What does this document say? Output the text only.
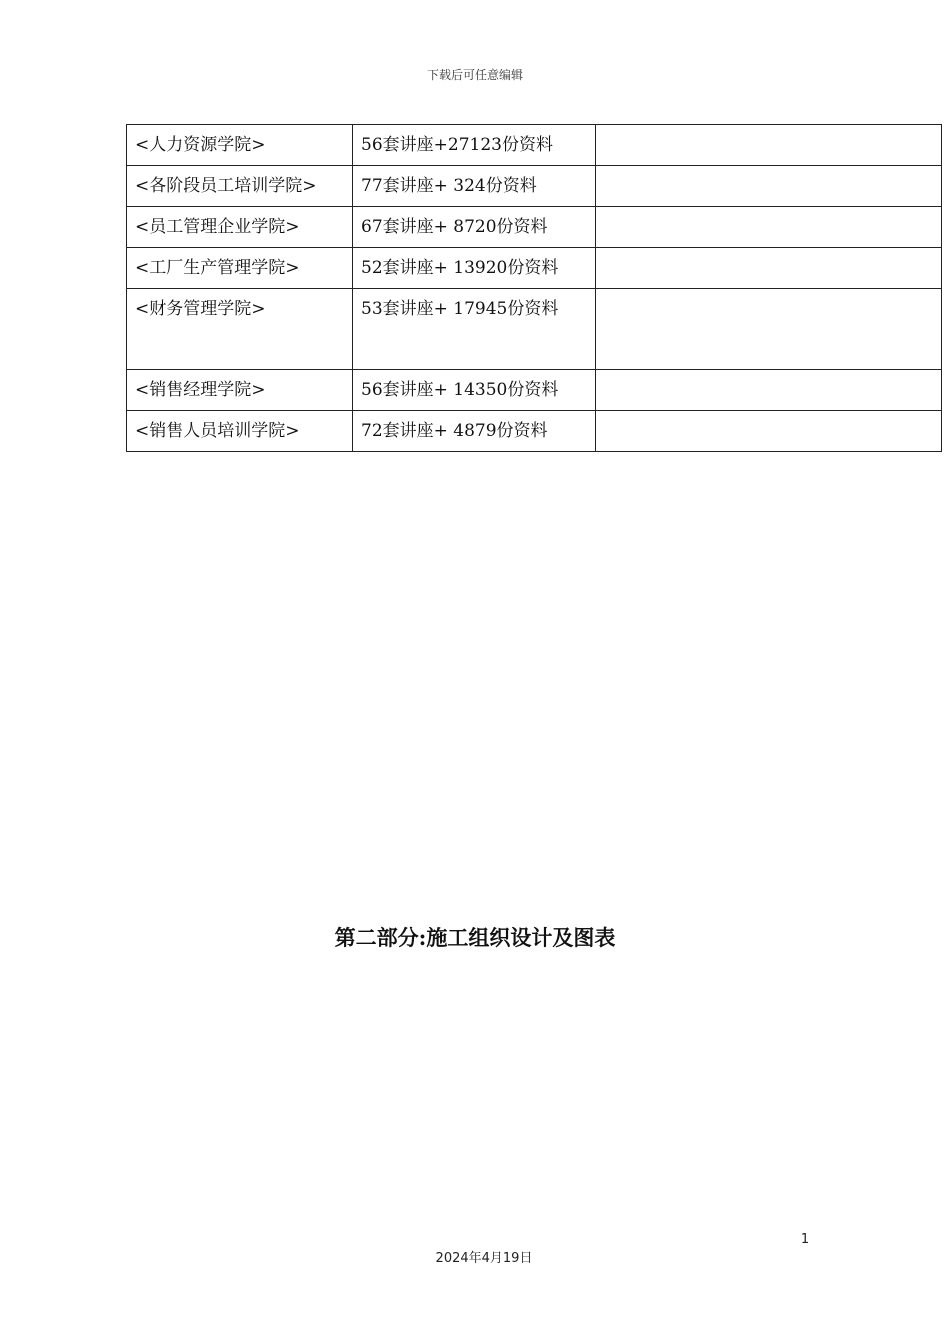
下载后可任意编辑
<人力资源学院>	56套讲座+27123份资料	
<各阶段员工培训学院>	77套讲座+ 324份资料	
<员工管理企业学院>	67套讲座+ 8720份资料	
<工厂生产管理学院>	52套讲座+ 13920份资料	
<财务管理学院>	53套讲座+ 17945份资料	
<销售经理学院>	56套讲座+ 14350份资料	
<销售人员培训学院>	72套讲座+ 4879份资料	
第二部分:施工组织设计及图表
1
2024年4月19日
